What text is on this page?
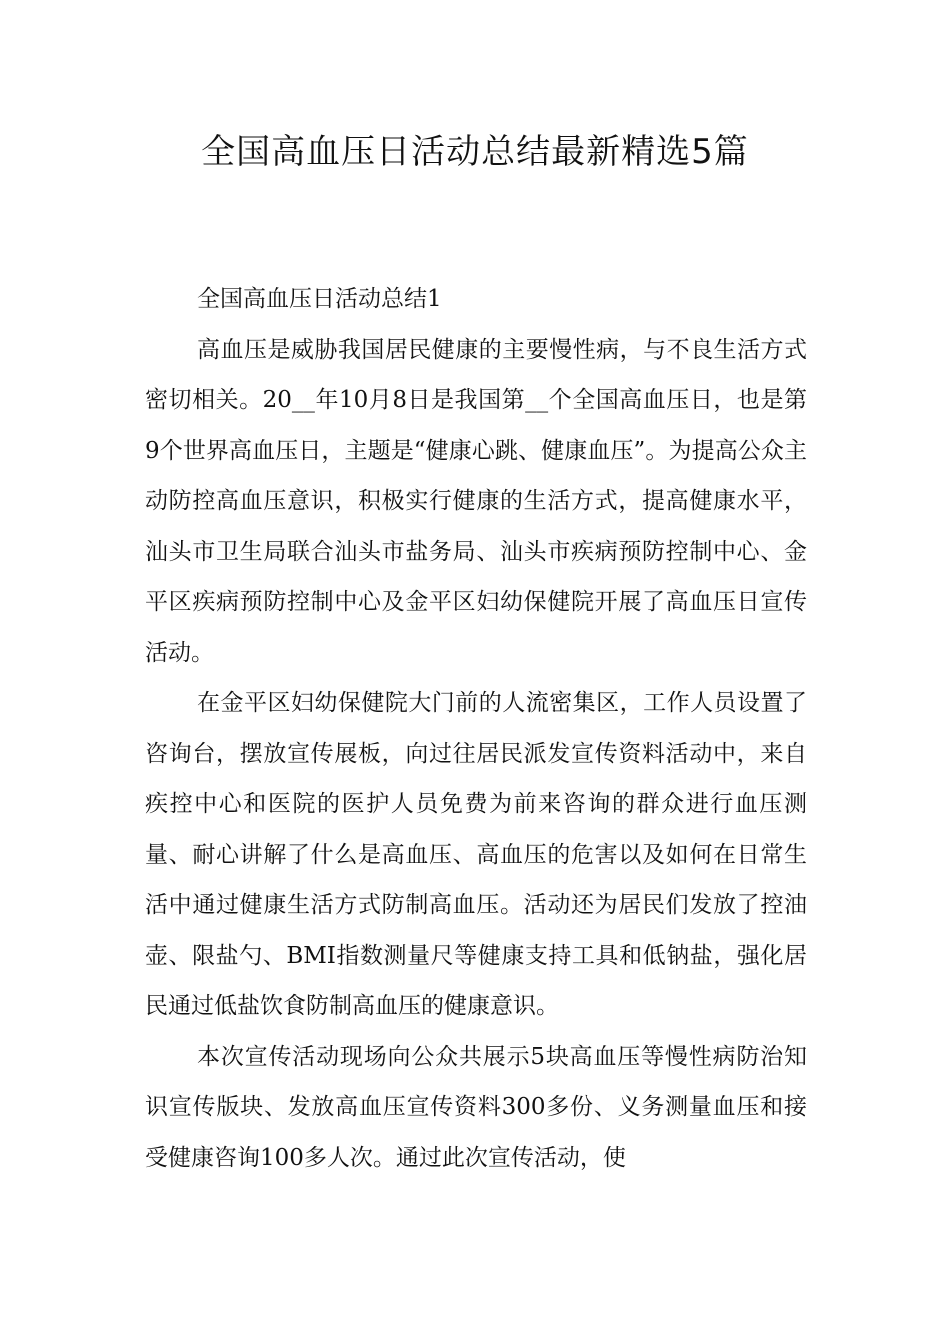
全国高血压日活动总结最新精选5篇

全国高血压日活动总结1

高血压是威胁我国居民健康的主要慢性病，与不良生活方式密切相关。20__年10月8日是我国第__个全国高血压日，也是第9个世界高血压日，主题是“健康心跳、健康血压”。为提高公众主动防控高血压意识，积极实行健康的生活方式，提高健康水平，汕头市卫生局联合汕头市盐务局、汕头市疾病预防控制中心、金平区疾病预防控制中心及金平区妇幼保健院开展了高血压日宣传活动。

在金平区妇幼保健院大门前的人流密集区，工作人员设置了咨询台，摆放宣传展板，向过往居民派发宣传资料活动中，来自疾控中心和医院的医护人员免费为前来咨询的群众进行血压测量、耐心讲解了什么是高血压、高血压的危害以及如何在日常生活中通过健康生活方式防制高血压。活动还为居民们发放了控油壶、限盐勺、BMI指数测量尺等健康支持工具和低钠盐，强化居民通过低盐饮食防制高血压的健康意识。

本次宣传活动现场向公众共展示5块高血压等慢性病防治知识宣传版块、发放高血压宣传资料300多份、义务测量血压和接受健康咨询100多人次。通过此次宣传活动，使
